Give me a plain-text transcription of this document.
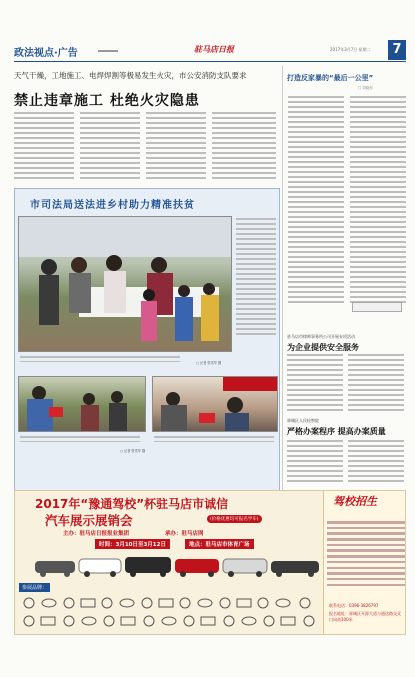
政法视点·广告	驻马店日报	2017年3月7日 星期二	7
天气干燥，工地施工、电焊焊割等极易发生火灾，市公安消防支队要求
禁止违章施工 杜绝火灾隐患
打造反家暴的“最后一公里”
□ 刘晓东
市司法局送法进乡村助力精准扶贫
□ 记者 张雪华 摄
□ 记者 张雪华 摄
驻马店市律师事务所公司开展专项活动
为企业提供安全服务
驿城区人民检察院
严格办案程序 提高办案质量
2017年“豫通驾校”杯驻马店市诚信
汽车展示展销会	(价格优惠均可报名学车)
主办：驻马店日报报业集团	承办：驻马店网
时间：3月10日至3月12日	地点：驻马店市体育广场
参展品牌：
驾校招生
联系电话：0396-3826797
报名地址：驿城区开源大道与通达路交叉口向南100米
